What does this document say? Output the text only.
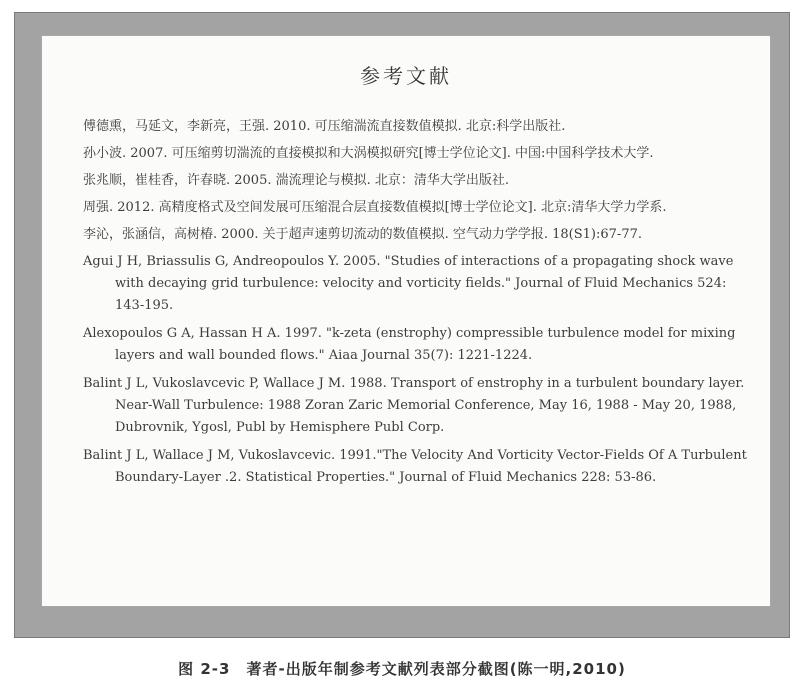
参考文献
傅德熏，马延文，李新亮，王强. 2010. 可压缩湍流直接数值模拟. 北京:科学出版社.
孙小波. 2007. 可压缩剪切湍流的直接模拟和大涡模拟研究[博士学位论文]. 中国:中国科学技术大学.
张兆顺，崔桂香，许春晓. 2005. 湍流理论与模拟. 北京：清华大学出版社.
周强. 2012. 高精度格式及空间发展可压缩混合层直接数值模拟[博士学位论文]. 北京:清华大学力学系.
李沁，张涵信，高树椿. 2000. 关于超声速剪切流动的数值模拟. 空气动力学学报. 18(S1):67-77.
Agui J H, Briassulis G, Andreopoulos Y. 2005. "Studies of interactions of a propagating shock wave with decaying grid turbulence: velocity and vorticity fields." Journal of Fluid Mechanics 524: 143-195.
Alexopoulos G A, Hassan H A. 1997. "k-zeta (enstrophy) compressible turbulence model for mixing layers and wall bounded flows." Aiaa Journal 35(7): 1221-1224.
Balint J L, Vukoslavcevic P, Wallace J M. 1988. Transport of enstrophy in a turbulent boundary layer. Near-Wall Turbulence: 1988 Zoran Zaric Memorial Conference, May 16, 1988 - May 20, 1988, Dubrovnik, Ygosl, Publ by Hemisphere Publ Corp.
Balint J L, Wallace J M, Vukoslavcevic. 1991."The Velocity And Vorticity Vector-Fields Of A Turbulent Boundary-Layer .2. Statistical Properties." Journal of Fluid Mechanics 228: 53-86.
图 2-3　著者-出版年制参考文献列表部分截图(陈一明,2010)
